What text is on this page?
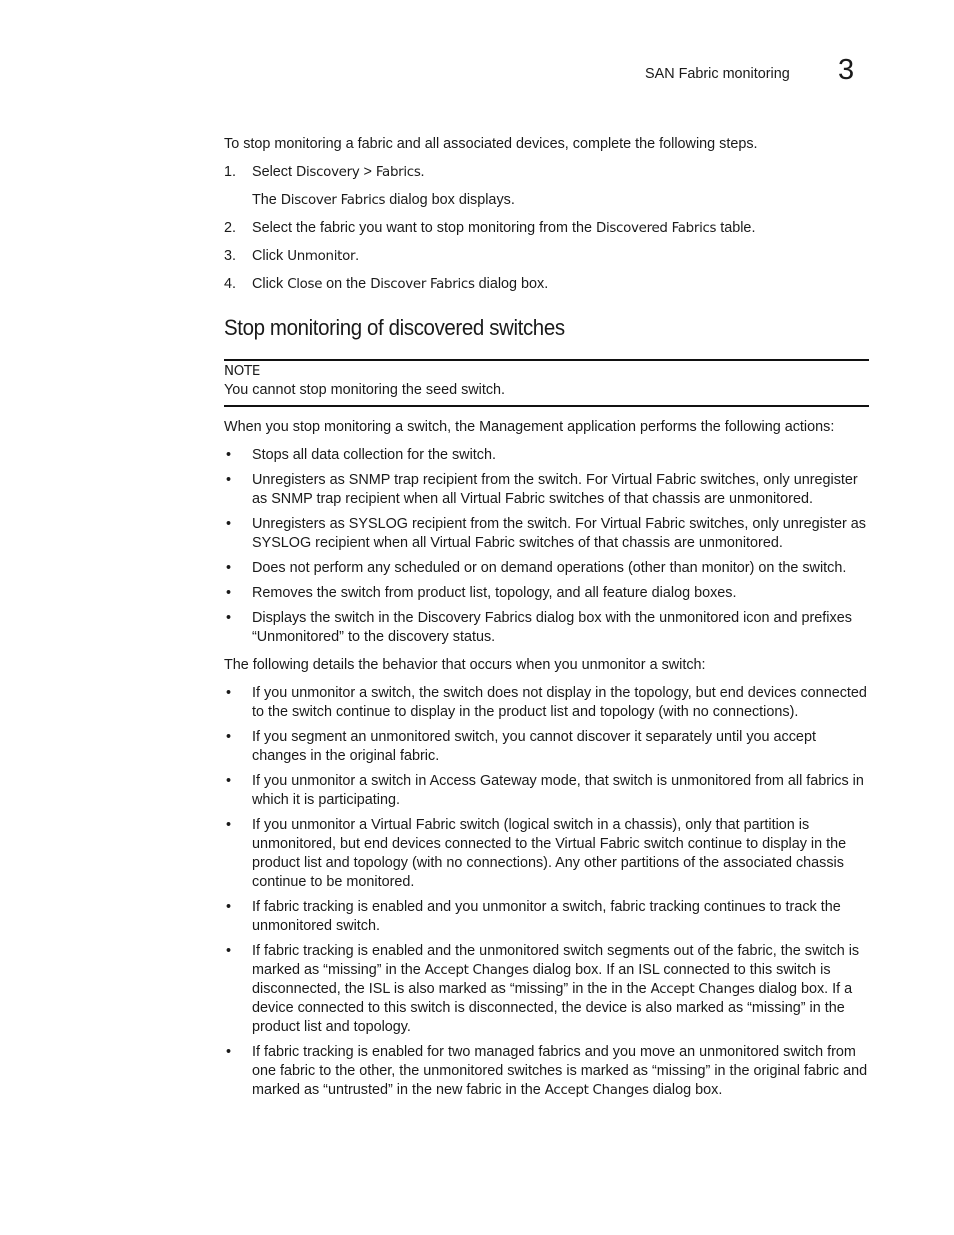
SAN Fabric monitoring 3

To stop monitoring a fabric and all associated devices, complete the following steps.

1. Select Discovery > Fabrics.
The Discover Fabrics dialog box displays.
2. Select the fabric you want to stop monitoring from the Discovered Fabrics table.
3. Click Unmonitor.
4. Click Close on the Discover Fabrics dialog box.
Stop monitoring of discovered switches
NOTE
You cannot stop monitoring the seed switch.

When you stop monitoring a switch, the Management application performs the following actions:

• Stops all data collection for the switch.
• Unregisters as SNMP trap recipient from the switch. For Virtual Fabric switches, only unregister as SNMP trap recipient when all Virtual Fabric switches of that chassis are unmonitored.
• Unregisters as SYSLOG recipient from the switch. For Virtual Fabric switches, only unregister as SYSLOG recipient when all Virtual Fabric switches of that chassis are unmonitored.
• Does not perform any scheduled or on demand operations (other than monitor) on the switch.
• Removes the switch from product list, topology, and all feature dialog boxes.
• Displays the switch in the Discovery Fabrics dialog box with the unmonitored icon and prefixes “Unmonitored” to the discovery status.

The following details the behavior that occurs when you unmonitor a switch:

• If you unmonitor a switch, the switch does not display in the topology, but end devices connected to the switch continue to display in the product list and topology (with no connections).
• If you segment an unmonitored switch, you cannot discover it separately until you accept changes in the original fabric.
• If you unmonitor a switch in Access Gateway mode, that switch is unmonitored from all fabrics in which it is participating.
• If you unmonitor a Virtual Fabric switch (logical switch in a chassis), only that partition is unmonitored, but end devices connected to the Virtual Fabric switch continue to display in the product list and topology (with no connections). Any other partitions of the associated chassis continue to be monitored.
• If fabric tracking is enabled and you unmonitor a switch, fabric tracking continues to track the unmonitored switch.
• If fabric tracking is enabled and the unmonitored switch segments out of the fabric, the switch is marked as “missing” in the Accept Changes dialog box. If an ISL connected to this switch is disconnected, the ISL is also marked as “missing” in the in the Accept Changes dialog box. If a device connected to this switch is disconnected, the device is also marked as “missing” in the product list and topology.
• If fabric tracking is enabled for two managed fabrics and you move an unmonitored switch from one fabric to the other, the unmonitored switches is marked as “missing” in the original fabric and marked as “untrusted” in the new fabric in the Accept Changes dialog box.
